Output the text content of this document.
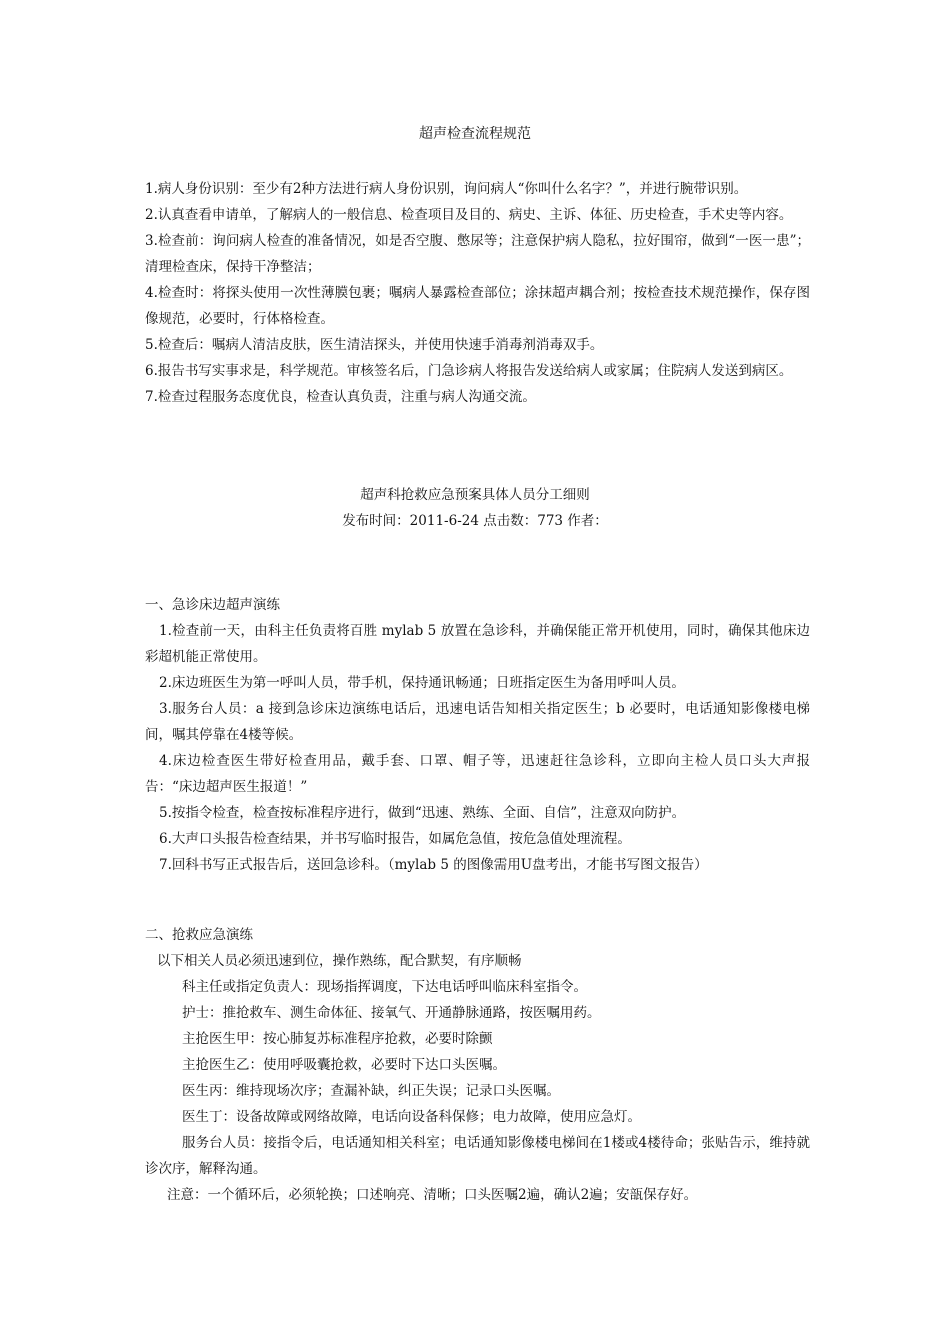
超声检查流程规范

1.病人身份识别：至少有2种方法进行病人身份识别，询问病人“你叫什么名字？”，并进行腕带识别。

2.认真查看申请单，了解病人的一般信息、检查项目及目的、病史、主诉、体征、历史检查，手术史等内容。

3.检查前：询问病人检查的准备情况，如是否空腹、憋尿等；注意保护病人隐私，拉好围帘，做到“一医一患”；清理检查床，保持干净整洁；

4.检查时：将探头使用一次性薄膜包裹；嘱病人暴露检查部位；涂抹超声耦合剂；按检查技术规范操作，保存图像规范，必要时，行体格检查。

5.检查后：嘱病人清洁皮肤，医生清洁探头，并使用快速手消毒剂消毒双手。

6.报告书写实事求是，科学规范。审核签名后，门急诊病人将报告发送给病人或家属；住院病人发送到病区。

7.检查过程服务态度优良，检查认真负责，注重与病人沟通交流。

超声科抢救应急预案具体人员分工细则
发布时间：2011-6-24 点击数：773 作者：

一、急诊床边超声演练

1.检查前一天，由科主任负责将百胜 mylab 5 放置在急诊科，并确保能正常开机使用，同时，确保其他床边彩超机能正常使用。

2.床边班医生为第一呼叫人员，带手机，保持通讯畅通；日班指定医生为备用呼叫人员。

3.服务台人员：a 接到急诊床边演练电话后，迅速电话告知相关指定医生；b 必要时，电话通知影像楼电梯间，嘱其停靠在4楼等候。

4.床边检查医生带好检查用品，戴手套、口罩、帽子等，迅速赶往急诊科，立即向主检人员口头大声报告：“床边超声医生报道！”

5.按指令检查，检查按标准程序进行，做到“迅速、熟练、全面、自信”，注意双向防护。

6.大声口头报告检查结果，并书写临时报告，如属危急值，按危急值处理流程。

7.回科书写正式报告后，送回急诊科。（mylab 5 的图像需用U盘考出，才能书写图文报告）

二、抢救应急演练

以下相关人员必须迅速到位，操作熟练，配合默契，有序顺畅

科主任或指定负责人：现场指挥调度，下达电话呼叫临床科室指令。

护士：推抢救车、测生命体征、接氧气、开通静脉通路，按医嘱用药。

主抢医生甲：按心肺复苏标准程序抢救，必要时除颤

主抢医生乙：使用呼吸囊抢救，必要时下达口头医嘱。

医生丙：维持现场次序；查漏补缺，纠正失误；记录口头医嘱。

医生丁：设备故障或网络故障，电话向设备科保修；电力故障，使用应急灯。

服务台人员：接指令后，电话通知相关科室；电话通知影像楼电梯间在1楼或4楼待命；张贴告示，维持就诊次序，解释沟通。

注意：一个循环后，必须轮换；口述响亮、清晰；口头医嘱2遍，确认2遍；安瓿保存好。
